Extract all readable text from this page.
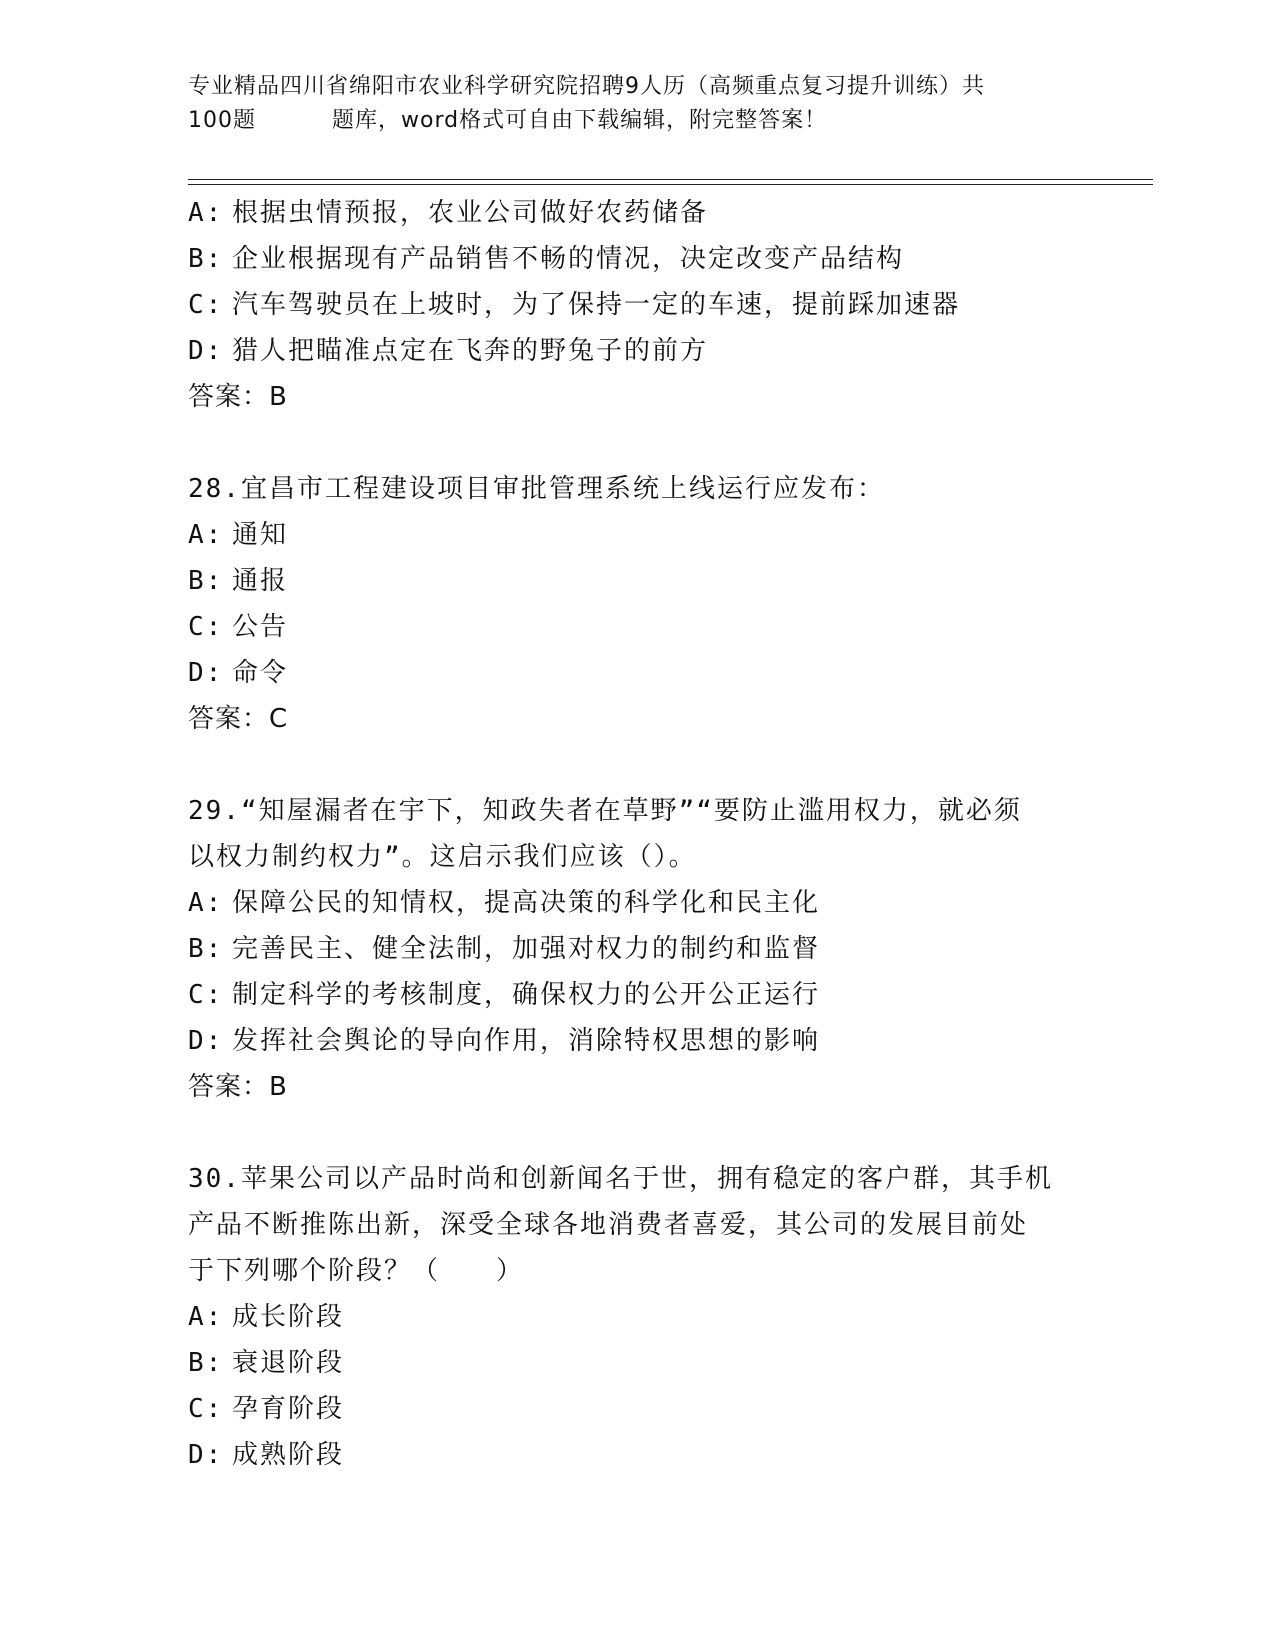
专业精品四川省绵阳市农业科学研究院招聘9人历（高频重点复习提升训练）共
100题	题库，word格式可自由下载编辑，附完整答案！
A: 根据虫情预报，农业公司做好农药储备
B: 企业根据现有产品销售不畅的情况，决定改变产品结构
C: 汽车驾驶员在上坡时，为了保持一定的车速，提前踩加速器
D: 猎人把瞄准点定在飞奔的野兔子的前方
答案：B
28.宜昌市工程建设项目审批管理系统上线运行应发布：
A: 通知
B: 通报
C: 公告
D: 命令
答案：C
29.“知屋漏者在宇下，知政失者在草野”“要防止滥用权力，就必须
以权力制约权力”。这启示我们应该（）。
A: 保障公民的知情权，提高决策的科学化和民主化
B: 完善民主、健全法制，加强对权力的制约和监督
C: 制定科学的考核制度，确保权力的公开公正运行
D: 发挥社会舆论的导向作用，消除特权思想的影响
答案：B
30.苹果公司以产品时尚和创新闻名于世，拥有稳定的客户群，其手机
产品不断推陈出新，深受全球各地消费者喜爱，其公司的发展目前处
于下列哪个阶段？（　　）
A: 成长阶段
B: 衰退阶段
C: 孕育阶段
D: 成熟阶段
